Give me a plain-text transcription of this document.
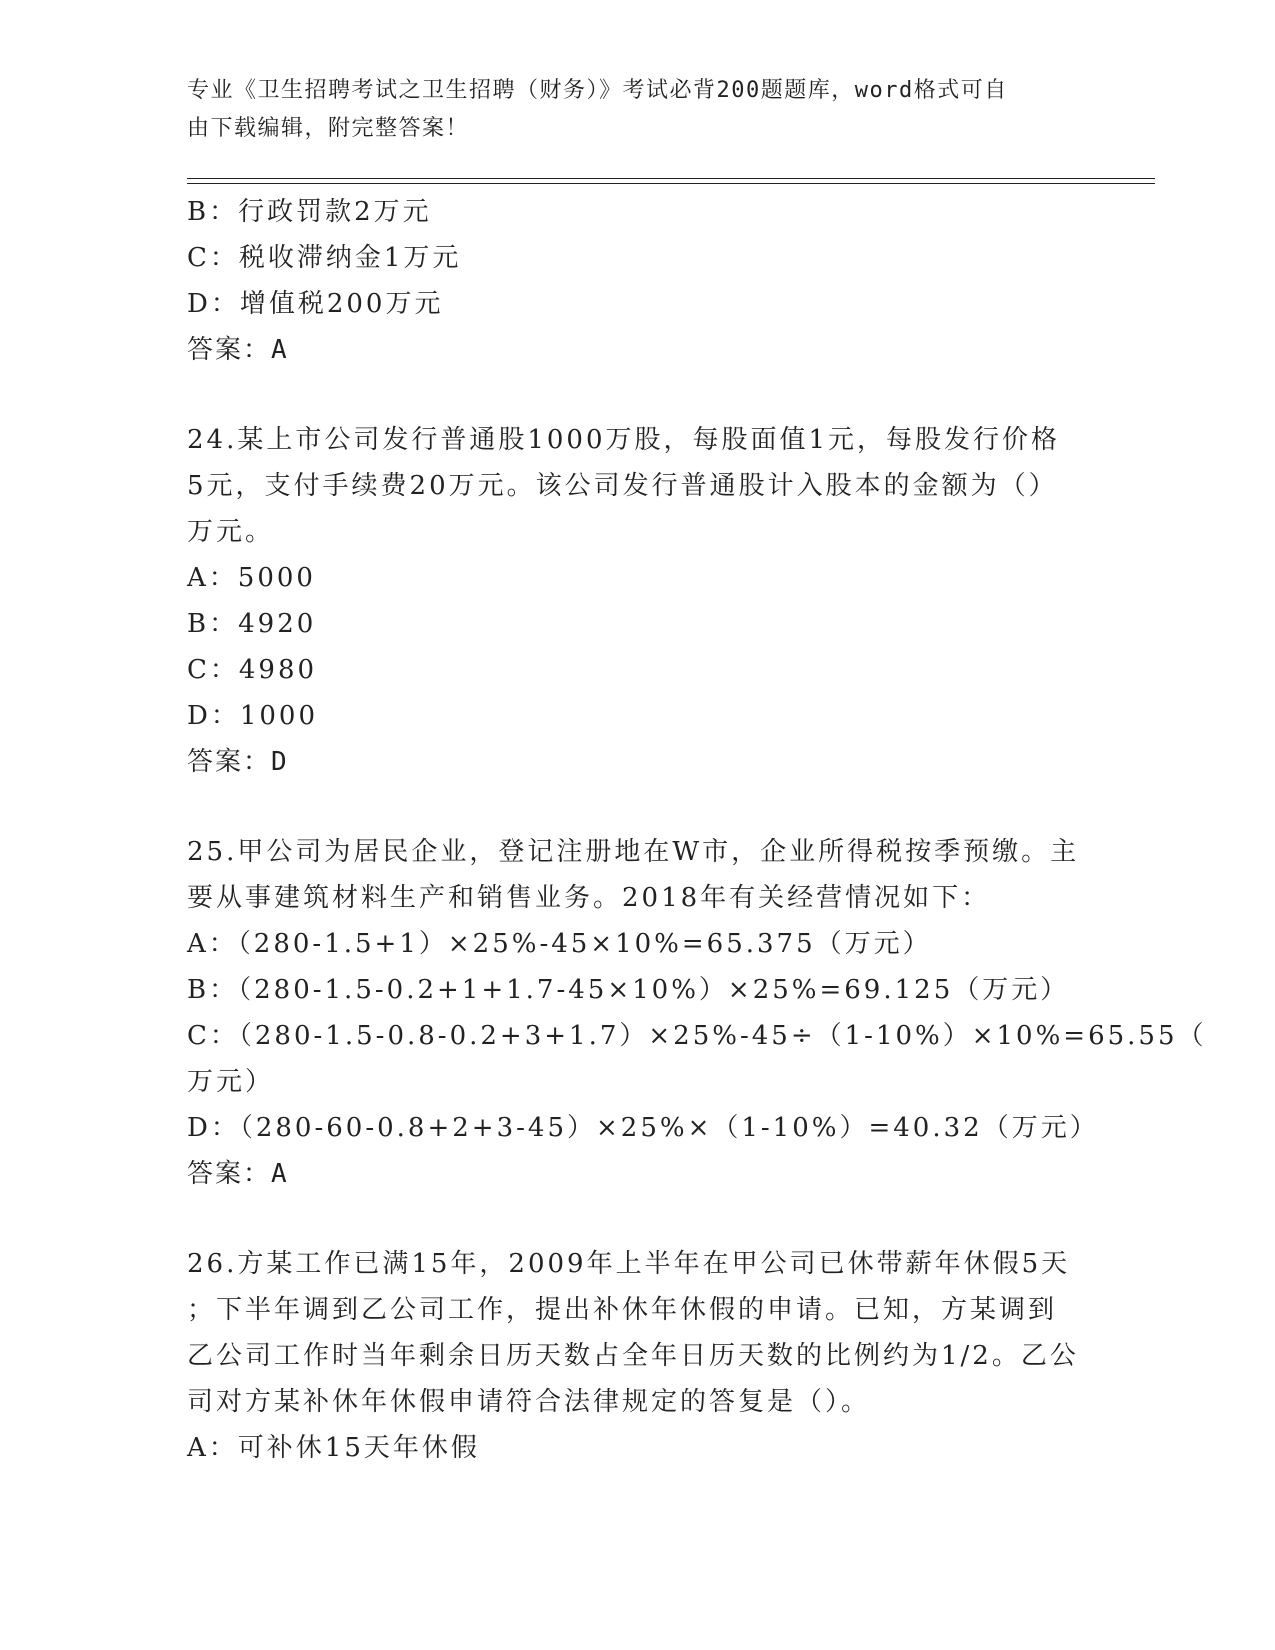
专业《卫生招聘考试之卫生招聘（财务）》考试必背200题题库，word格式可自
由下载编辑，附完整答案！
B：行政罚款2万元
C：税收滞纳金1万元
D：增值税200万元
答案：A
24.某上市公司发行普通股1000万股，每股面值1元，每股发行价格
5元，支付手续费20万元。该公司发行普通股计入股本的金额为（）
万元。
A：5000
B：4920
C：4980
D：1000
答案：D
25.甲公司为居民企业，登记注册地在W市，企业所得税按季预缴。主
要从事建筑材料生产和销售业务。2018年有关经营情况如下：
A：（280-1.5+1）×25%-45×10%=65.375（万元）
B：（280-1.5-0.2+1+1.7-45×10%）×25%=69.125（万元）
C：（280-1.5-0.8-0.2+3+1.7）×25%-45÷（1-10%）×10%=65.55（
万元）
D：（280-60-0.8+2+3-45）×25%×（1-10%）=40.32（万元）
答案：A
26.方某工作已满15年，2009年上半年在甲公司已休带薪年休假5天
；下半年调到乙公司工作，提出补休年休假的申请。已知，方某调到
乙公司工作时当年剩余日历天数占全年日历天数的比例约为1/2。乙公
司对方某补休年休假申请符合法律规定的答复是（）。
A：可补休15天年休假
